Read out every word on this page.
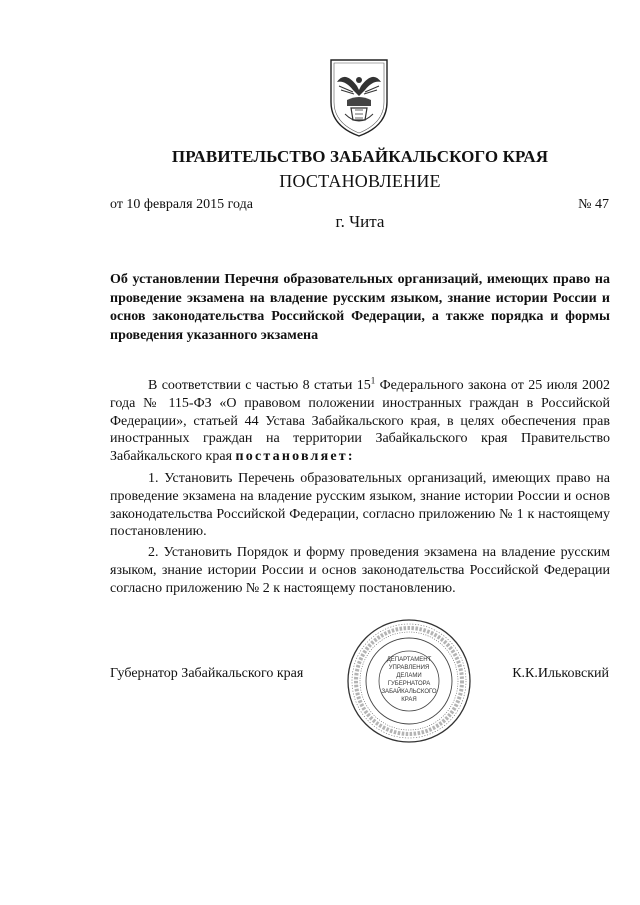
ПРАВИТЕЛЬСТВО ЗАБАЙКАЛЬСКОГО КРАЯ
ПОСТАНОВЛЕНИЕ
от 10 февраля 2015 года	№ 47
г. Чита
Об установлении Перечня образовательных организаций, имеющих право на проведение экзамена на владение русским языком, знание истории России и основ законодательства Российской Федерации, а также порядка и формы проведения указанного экзамена
В соответствии с частью 8 статьи $15^1$ Федерального закона от 25 июля 2002 года № 115-ФЗ «О правовом положении иностранных граждан в Российской Федерации», статьей 44 Устава Забайкальского края, в целях обеспечения прав иностранных граждан на территории Забайкальского края Правительство Забайкальского края постановляет:
1. Установить Перечень образовательных организаций, имеющих право на проведение экзамена на владение русским языком, знание истории России и основ законодательства Российской Федерации, согласно приложению № 1 к настоящему постановлению.
2. Установить Порядок и форму проведения экзамена на владение русским языком, знание истории России и основ законодательства Российской Федерации согласно приложению № 2 к настоящему постановлению.
Губернатор Забайкальского края	К.К.Ильковский
ДЕПАРТАМЕНТ
УПРАВЛЕНИЯ
ДЕЛАМИ
ГУБЕРНАТОРА
ЗАБАЙКАЛЬСКОГО
КРАЯ
